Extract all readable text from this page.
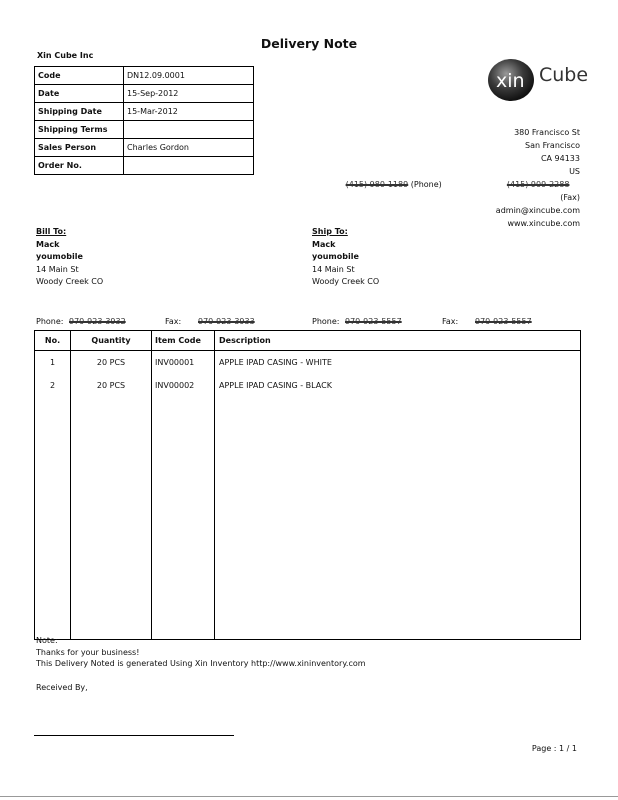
Delivery Note
Xin Cube Inc
Code	DN12.09.0001
Date	15-Sep-2012
Shipping Date	15-Mar-2012
Shipping Terms	
Sales Person	Charles Gordon
Order No.	
xin Cube
380 Francisco St
San Francisco
CA 94133
US
(415) 980-1189 (Phone)	(415) 909-2288  (Fax)
admin@xincube.com
www.xincube.com
Bill To:
Mack
youmobile
14 Main St
Woody Creek CO
Ship To:
Mack
youmobile
14 Main St
Woody Creek CO
Phone: 970-923-3932	Fax: 970-923-3933	Phone: 970-923-5557	Fax: 970-923-5557
No.	Quantity	Item Code	Description
1	20 PCS	INV00001	APPLE IPAD CASING - WHITE
2	20 PCS	INV00002	APPLE IPAD CASING - BLACK

Note:
Thanks for your business!
This Delivery Noted is generated Using Xin Inventory http://www.xininventory.com
Received By,
Page : 1 / 1
